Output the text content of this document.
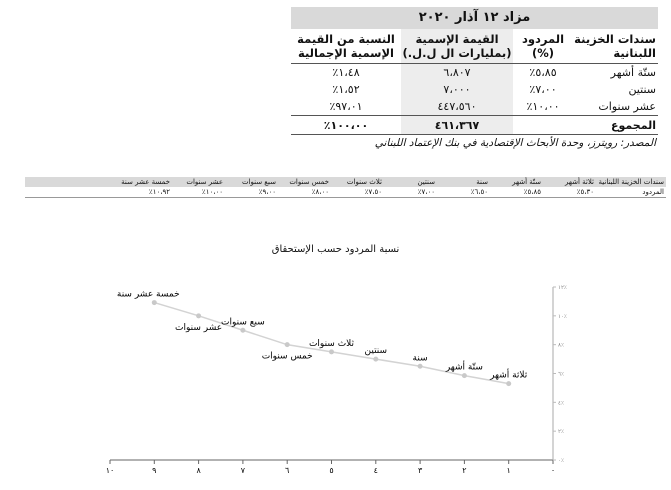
مزاد ١٢ آذار ٢٠٢٠
سندات الخزينة اللبنانية
المردود (%)
القيمة الإسمية (بمليارات ال ل.ل.)
النسبة من القيمة الإسمية الإجمالية
ستّة أشهر
٥،٨٥٪
٦،٨٠٧
١،٤٨٪
سنتين
٧،٠٠٪
٧،٠٠٠
١،٥٢٪
عشر سنوات
١٠،٠٠٪
٤٤٧،٥٦٠
٩٧،٠١٪
المجموع
٤٦١،٣٦٧
١٠٠،٠٠٪
المصدر: رويترز، وحدة الأبحاث الإقتصادية في بنك الإعتماد اللبناني
سندات الخزينة اللبنانية
ثلاثة أشهر
ستّة أشهر
سنة
سنتين
ثلاث سنوات
خمس سنوات
سبع سنوات
عشر سنوات
خمسة عشر سنة
المردود
٥،٣٠٪
٥،٨٥٪
٦،٥٠٪
٧،٠٠٪
٧،٥٠٪
٨،٠٠٪
٩،٠٠٪
١٠،٠٠٪
١٠،٩٢٪
نسبة المردود حسب الإستحقاق
٠
١
٢
٣
٤
٥
٦
٧
٨
٩
١٠
٠٪
٢٪
٤٪
٦٪
٨٪
١٠٪
١٢٪
ثلاثة أشهر
ستّة أشهر
سنة
سنتين
ثلاث سنوات
خمس سنوات
سبع سنوات
عشر سنوات
خمسة عشر سنة
